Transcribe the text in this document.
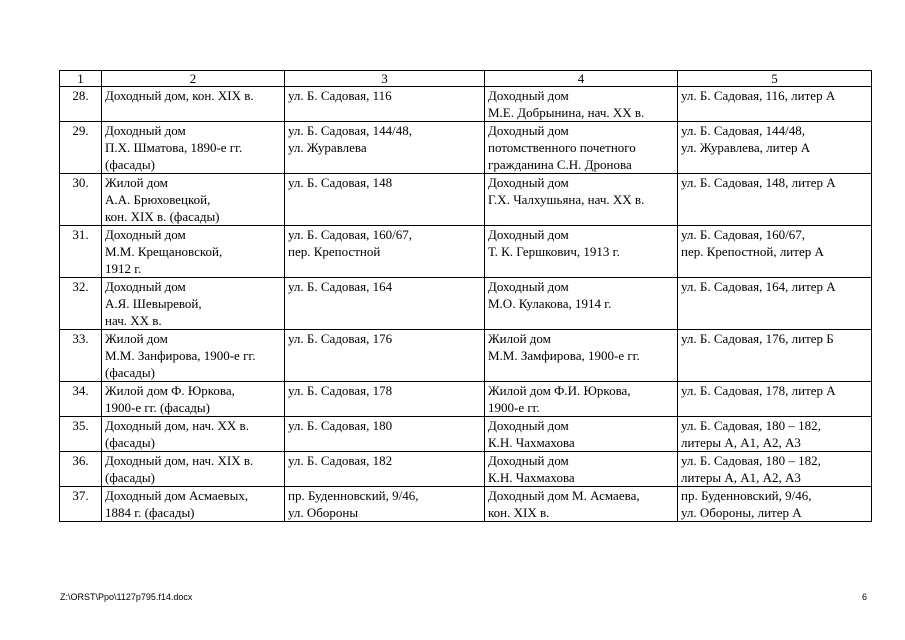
1	2	3	4	5
28.	Доходный дом, кон. XIX в.	ул. Б. Садовая, 116	Доходный дом
М.Е. Добрынина, нач. XX в.	ул. Б. Садовая, 116, литер А
29.	Доходный дом
П.Х. Шматова, 1890-е гг.
(фасады)	ул. Б. Садовая, 144/48,
ул. Журавлева	Доходный дом
потомственного почетного
гражданина С.Н. Дронова	ул. Б. Садовая, 144/48,
ул. Журавлева, литер А
30.	Жилой дом
А.А. Брюховецкой,
кон. XIX в. (фасады)	ул. Б. Садовая, 148	Доходный дом
Г.Х. Чалхушьяна, нач. XX в.	ул. Б. Садовая, 148, литер А
31.	Доходный дом
М.М. Крещановской,
1912 г.	ул. Б. Садовая, 160/67,
пер. Крепостной	Доходный дом
Т. К. Гершкович, 1913 г.	ул. Б. Садовая, 160/67,
пер. Крепостной, литер А
32.	Доходный дом
А.Я. Шевыревой,
нач. XX в.	ул. Б. Садовая, 164	Доходный дом
М.О. Кулакова, 1914 г.	ул. Б. Садовая, 164, литер А
33.	Жилой дом
М.М. Занфирова, 1900-е гг.
(фасады)	ул. Б. Садовая, 176	Жилой дом
М.М. Замфирова, 1900-е гг.	ул. Б. Садовая, 176, литер Б
34.	Жилой дом Ф. Юркова,
1900-е гг. (фасады)	ул. Б. Садовая, 178	Жилой дом Ф.И. Юркова,
1900-е гг.	ул. Б. Садовая, 178, литер А
35.	Доходный дом, нач. XX в.
(фасады)	ул. Б. Садовая, 180	Доходный дом
К.Н. Чахмахова	ул. Б. Садовая, 180 – 182,
литеры А, А1, А2, А3
36.	Доходный дом, нач. XIX в.
(фасады)	ул. Б. Садовая, 182	Доходный дом
К.Н. Чахмахова	ул. Б. Садовая, 180 – 182,
литеры А, А1, А2, А3
37.	Доходный дом Асмаевых,
1884 г. (фасады)	пр. Буденновский, 9/46,
ул. Обороны	Доходный дом М. Асмаева,
кон. XIX в.	пр. Буденновский, 9/46,
ул. Обороны, литер А
Z:\ORST\Ppo\1127p795.f14.docx	6
